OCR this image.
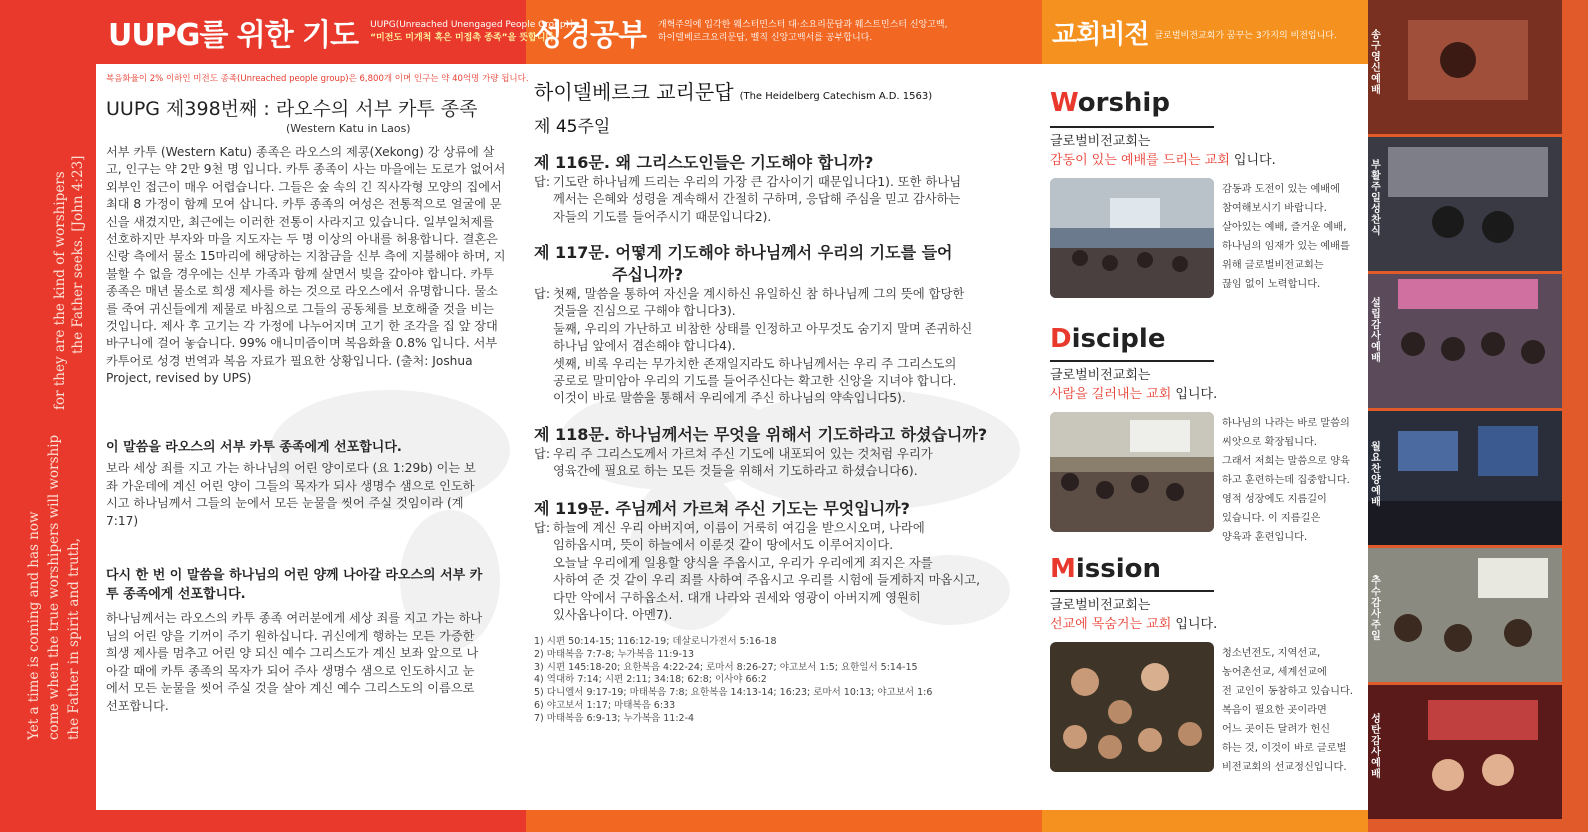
for they are the kind of worshipers the Father seeks. [John 4:23]
Yet a time is coming and has now come when the true worshipers will worship the Father in spirit and truth,
UUPG를 위한 기도 UUPG(Unreached Unengaged People Group)는
“미전도 미개척 혹은 미접촉 종족”을 뜻합니다.
성경공부 개혁주의에 입각한 웨스터민스터 대·소요리문답과 웨스트민스터 신앙고백,
하이델베르크요리문답, 벨직 신앙고백서를 공부합니다.	교회비전 글로벌비전교회가 꿈꾸는 3가지의 비전입니다.
복음화율이 2% 이하인 미전도 종족(Unreached people group)은 6,800개 이며 인구는 약 40억명 가량 됩니다.
UUPG 제398번째 : 라오수의 서부 카투 종족
(Western Katu in Laos)
서부 카투 (Western Katu) 종족은 라오스의 제콩(Xekong) 강 상류에 살
고, 인구는 약 2만 9천 명 입니다. 카투 종족이 사는 마을에는 도로가 없어서
외부인 접근이 매우 어렵습니다. 그들은 숲 속의 긴 직사각형 모양의 집에서
최대 8 가정이 함께 모여 삽니다. 카투 종족의 여성은 전통적으로 얼굴에 문
신을 새겼지만, 최근에는 이러한 전통이 사라지고 있습니다. 일부일처제를
선호하지만 부자와 마을 지도자는 두 명 이상의 아내를 허용합니다. 결혼은
신랑 측에서 물소 15마리에 해당하는 지참금을 신부 측에 지불해야 하며, 지
불할 수 없을 경우에는 신부 가족과 함께 살면서 빚을 갚아야 합니다. 카투
종족은 매년 물소로 희생 제사를 하는 것으로 라오스에서 유명합니다. 물소
를 죽여 귀신들에게 제물로 바침으로 그들의 공동체를 보호해줄 것을 비는
것입니다. 제사 후 고기는 각 가정에 나누어지며 고기 한 조각을 집 앞 장대
바구니에 걸어 놓습니다. 99% 애니미즘이며 복음화율 0.8% 입니다. 서부
카투어로 성경 번역과 복음 자료가 필요한 상황입니다. (출처: Joshua
Project, revised by UPS)
이 말씀을 라오스의 서부 카투 종족에게 선포합니다.
보라 세상 죄를 지고 가는 하나님의 어린 양이로다 (요 1:29b) 이는 보
좌 가운데에 계신 어린 양이 그들의 목자가 되사 생명수 샘으로 인도하
시고 하나님께서 그들의 눈에서 모든 눈물을 씻어 주실 것임이라 (계
7:17)
다시 한 번 이 말씀을 하나님의 어린 양께 나아갈 라오스의 서부 카
투 종족에게 선포합니다.
하나님께서는 라오스의 카투 종족 여러분에게 세상 죄를 지고 가는 하나
님의 어린 양을 기꺼이 주기 원하십니다. 귀신에게 행하는 모든 가증한
희생 제사를 멈추고 어린 양 되신 예수 그리스도가 계신 보좌 앞으로 나
아갈 때에 카투 종족의 목자가 되어 주사 생명수 샘으로 인도하시고 눈
에서 모든 눈물을 씻어 주실 것을 살아 계신 예수 그리스도의 이름으로
선포합니다.
하이델베르크 교리문답 (The Heidelberg Catechism A.D. 1563)
제 45주일
제 116문. 왜 그리스도인들은 기도해야 합니까?
답: 기도란 하나님께 드리는 우리의 가장 큰 감사이기 때문입니다1). 또한 하나님
께서는 은혜와 성령을 계속해서 간절히 구하며, 응답해 주심을 믿고 감사하는
자들의 기도를 들어주시기 때문입니다2).
제 117문. 어떻게 기도해야 하나님께서 우리의 기도를 들어
주십니까?
답: 첫째, 말씀을 통하여 자신을 계시하신 유일하신 참 하나님께 그의 뜻에 합당한
것들을 진심으로 구해야 합니다3).
둘째, 우리의 가난하고 비참한 상태를 인정하고 아무것도 숨기지 말며 존귀하신
하나님 앞에서 겸손해야 합니다4).
셋째, 비록 우리는 무가치한 존재일지라도 하나님께서는 우리 주 그리스도의
공로로 말미암아 우리의 기도를 들어주신다는 확고한 신앙을 지녀야 합니다.
이것이 바로 말씀을 통해서 우리에게 주신 하나님의 약속입니다5).
제 118문. 하나님께서는 무엇을 위해서 기도하라고 하셨습니까?
답: 우리 주 그리스도께서 가르쳐 주신 기도에 내포되어 있는 것처럼 우리가
영육간에 필요로 하는 모든 것들을 위해서 기도하라고 하셨습니다6).
제 119문. 주님께서 가르쳐 주신 기도는 무엇입니까?
답: 하늘에 계신 우리 아버지여, 이름이 거룩히 여김을 받으시오며, 나라에
임하옵시며, 뜻이 하늘에서 이룬것 같이 땅에서도 이루어지이다.
오늘날 우리에게 일용할 양식을 주옵시고, 우리가 우리에게 죄지은 자를
사하여 준 것 같이 우리 죄를 사하여 주옵시고 우리를 시험에 들게하지 마옵시고,
다만 악에서 구하옵소서. 대개 나라와 권세와 영광이 아버지께 영원히
있사옵나이다. 아멘7).
1) 시편 50:14-15; 116:12-19; 데살로니가전서 5:16-18
2) 마태복음 7:7-8; 누가복음 11:9-13
3) 시편 145:18-20; 요한복음 4:22-24; 로마서 8:26-27; 야고보서 1:5; 요한일서 5:14-15
4) 역대하 7:14; 시편 2:11; 34:18; 62:8; 이사야 66:2
5) 다니엘서 9:17-19; 마태복음 7:8; 요한복음 14:13-14; 16:23; 로마서 10:13; 야고보서 1:6
6) 야고보서 1:17; 마태복음 6:33
7) 마태복음 6:9-13; 누가복음 11:2-4
Worship
글로벌비전교회는
감동이 있는 예배를 드리는 교회 입니다.
감동과 도전이 있는 예배에
참여해보시기 바랍니다.
살아있는 예배, 즐거운 예배,
하나님의 임재가 있는 예배를
위해 글로벌비전교회는
끊임 없이 노력합니다.
Disciple
글로벌비전교회는
사람을 길러내는 교회 입니다.
하나님의 나라는 바로 말씀의
씨앗으로 확장됩니다.
그래서 저희는 말씀으로 양육
하고 훈련하는데 집중합니다.
영적 성장에도 지름길이
있습니다. 이 지름길은
양육과 훈련입니다.
Mission
글로벌비전교회는
선교에 목숨거는 교회 입니다.
청소년전도, 지역선교,
농어촌선교, 세계선교에
전 교인이 동참하고 있습니다.
복음이 필요한 곳이라면
어느 곳이든 달려가 헌신
하는 것, 이것이 바로 글로벌
비전교회의 선교정신입니다.
송구영신예배
부활주일 성찬식
설립감사예배
월요찬양예배
추수감사주일
성탄감사예배
